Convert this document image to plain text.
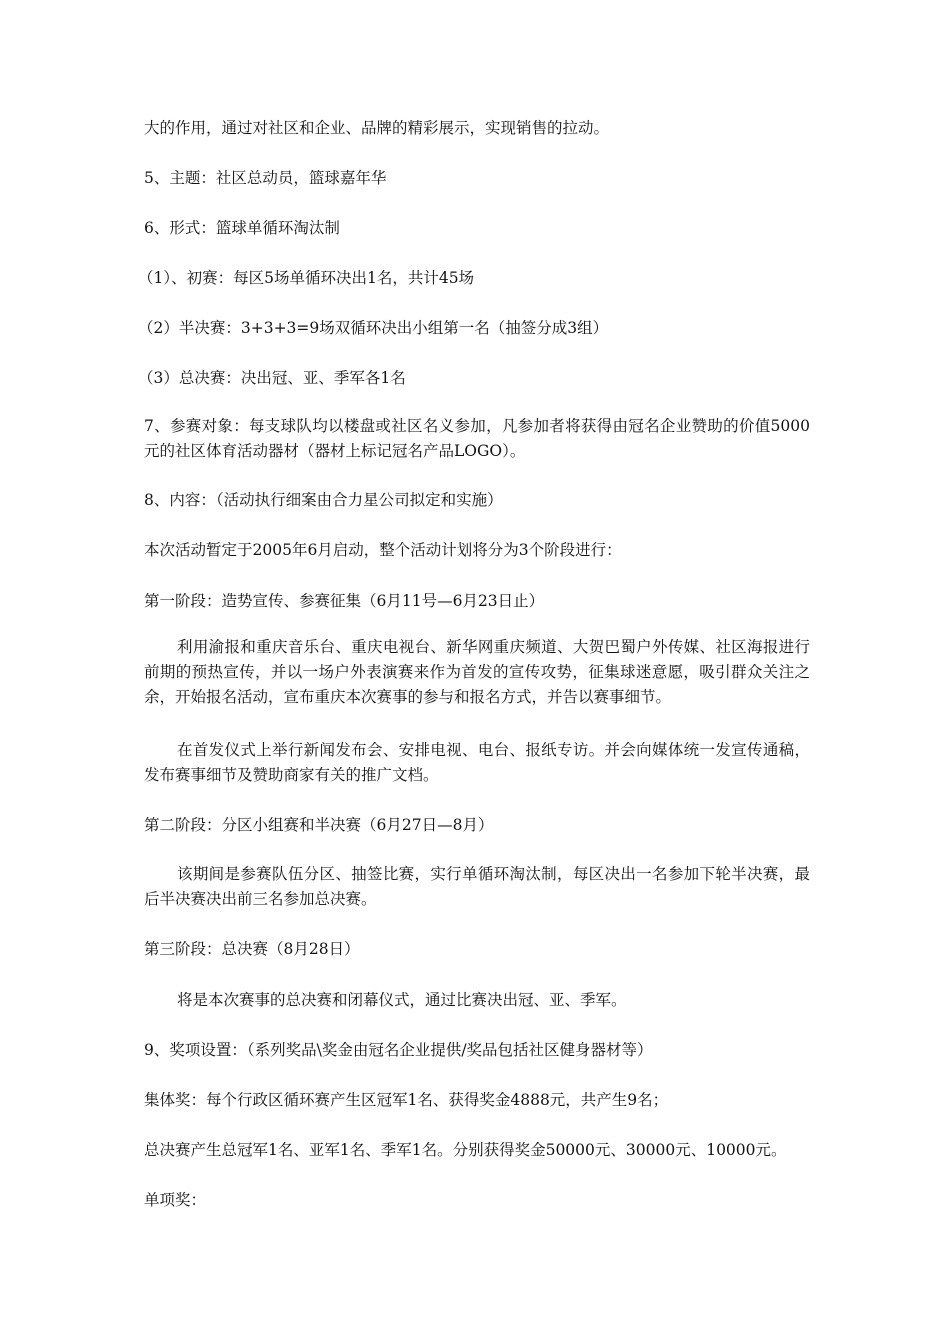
大的作用，通过对社区和企业、品牌的精彩展示，实现销售的拉动。
5、主题：社区总动员，篮球嘉年华
6、形式：篮球单循环淘汰制
（1）、初赛：每区5场单循环决出1名，共计45场
（2）半决赛：3+3+3=9场双循环决出小组第一名（抽签分成3组）
（3）总决赛：决出冠、亚、季军各1名
7、参赛对象：每支球队均以楼盘或社区名义参加，凡参加者将获得由冠名企业赞助的价值5000元的社区体育活动器材（器材上标记冠名产品LOGO）。
8、内容：（活动执行细案由合力星公司拟定和实施）
本次活动暂定于2005年6月启动，整个活动计划将分为3个阶段进行：
第一阶段：造势宣传、参赛征集（6月11号—6月23日止）
利用渝报和重庆音乐台、重庆电视台、新华网重庆频道、大贺巴蜀户外传媒、社区海报进行前期的预热宣传，并以一场户外表演赛来作为首发的宣传攻势，征集球迷意愿，吸引群众关注之余，开始报名活动，宣布重庆本次赛事的参与和报名方式，并告以赛事细节。
在首发仪式上举行新闻发布会、安排电视、电台、报纸专访。并会向媒体统一发宣传通稿， 发布赛事细节及赞助商家有关的推广文档。
第二阶段：分区小组赛和半决赛（6月27日—8月）
该期间是参赛队伍分区、抽签比赛，实行单循环淘汰制，每区决出一名参加下轮半决赛，最后半决赛决出前三名参加总决赛。
第三阶段：总决赛（8月28日）
将是本次赛事的总决赛和闭幕仪式，通过比赛决出冠、亚、季军。
9、奖项设置：（系列奖品\奖金由冠名企业提供/奖品包括社区健身器材等）
集体奖：每个行政区循环赛产生区冠军1名、获得奖金4888元，共产生9名；
总决赛产生总冠军1名、亚军1名、季军1名。分别获得奖金50000元、30000元、10000元。
单项奖：
